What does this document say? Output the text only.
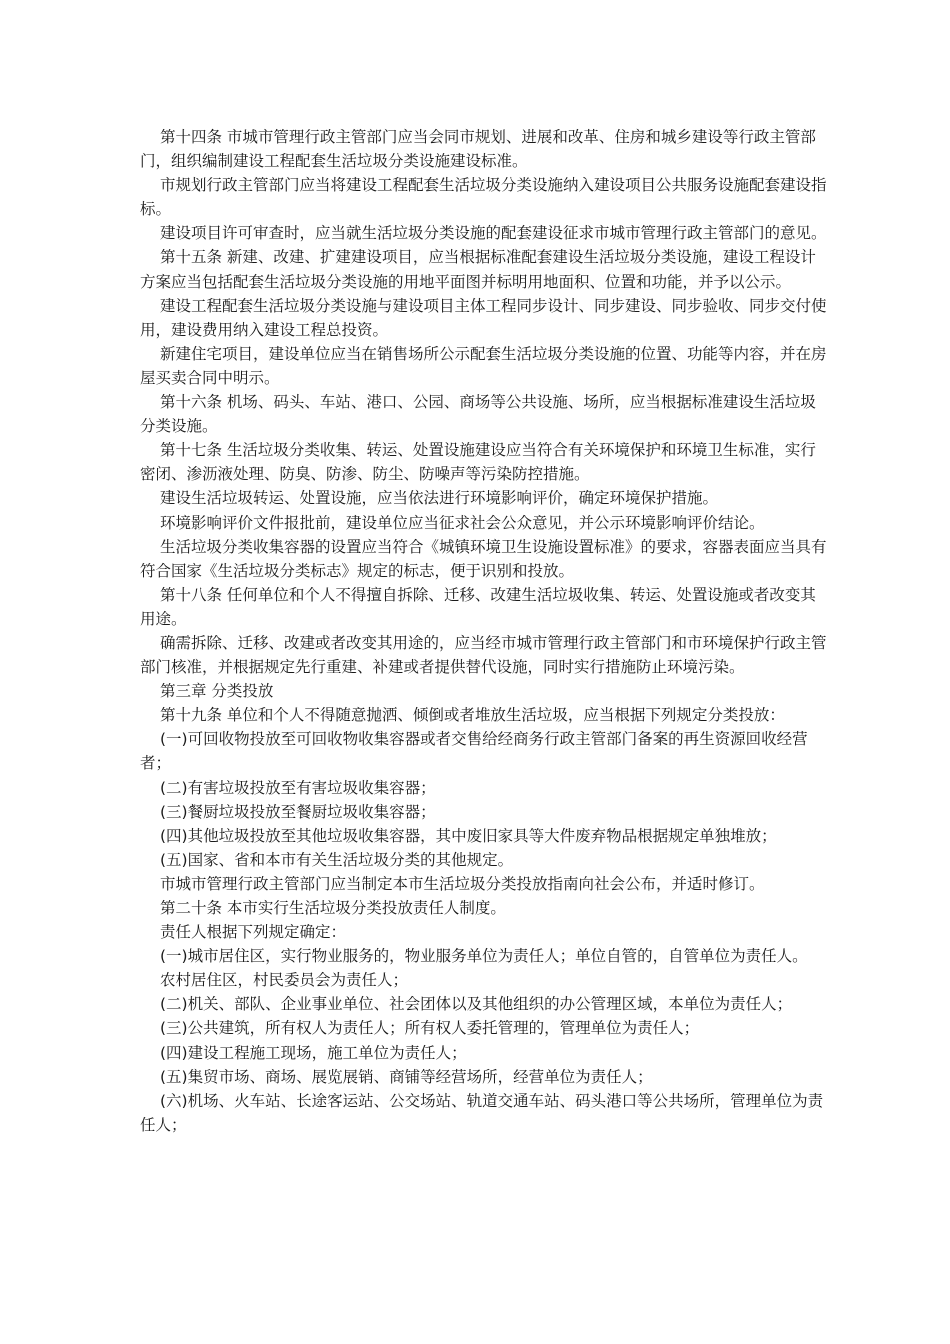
第十四条 市城市管理行政主管部门应当会同市规划、进展和改革、住房和城乡建设等行政主管部门，组织编制建设工程配套生活垃圾分类设施建设标准。

市规划行政主管部门应当将建设工程配套生活垃圾分类设施纳入建设项目公共服务设施配套建设指标。

建设项目许可审查时，应当就生活垃圾分类设施的配套建设征求市城市管理行政主管部门的意见。

第十五条 新建、改建、扩建建设项目，应当根据标准配套建设生活垃圾分类设施，建设工程设计方案应当包括配套生活垃圾分类设施的用地平面图并标明用地面积、位置和功能，并予以公示。

建设工程配套生活垃圾分类设施与建设项目主体工程同步设计、同步建设、同步验收、同步交付使用，建设费用纳入建设工程总投资。

新建住宅项目，建设单位应当在销售场所公示配套生活垃圾分类设施的位置、功能等内容，并在房屋买卖合同中明示。

第十六条 机场、码头、车站、港口、公园、商场等公共设施、场所，应当根据标准建设生活垃圾分类设施。

第十七条 生活垃圾分类收集、转运、处置设施建设应当符合有关环境保护和环境卫生标准，实行密闭、渗沥液处理、防臭、防渗、防尘、防噪声等污染防控措施。

建设生活垃圾转运、处置设施，应当依法进行环境影响评价，确定环境保护措施。

环境影响评价文件报批前，建设单位应当征求社会公众意见，并公示环境影响评价结论。

生活垃圾分类收集容器的设置应当符合《城镇环境卫生设施设置标准》的要求，容器表面应当具有符合国家《生活垃圾分类标志》规定的标志，便于识别和投放。

第十八条 任何单位和个人不得擅自拆除、迁移、改建生活垃圾收集、转运、处置设施或者改变其用途。

确需拆除、迁移、改建或者改变其用途的，应当经市城市管理行政主管部门和市环境保护行政主管部门核准，并根据规定先行重建、补建或者提供替代设施，同时实行措施防止环境污染。

第三章 分类投放

第十九条 单位和个人不得随意抛洒、倾倒或者堆放生活垃圾，应当根据下列规定分类投放：

(一)可回收物投放至可回收物收集容器或者交售给经商务行政主管部门备案的再生资源回收经营者；

(二)有害垃圾投放至有害垃圾收集容器；

(三)餐厨垃圾投放至餐厨垃圾收集容器；

(四)其他垃圾投放至其他垃圾收集容器，其中废旧家具等大件废弃物品根据规定单独堆放；

(五)国家、省和本市有关生活垃圾分类的其他规定。

市城市管理行政主管部门应当制定本市生活垃圾分类投放指南向社会公布，并适时修订。

第二十条 本市实行生活垃圾分类投放责任人制度。

责任人根据下列规定确定：

(一)城市居住区，实行物业服务的，物业服务单位为责任人；单位自管的，自管单位为责任人。

农村居住区，村民委员会为责任人；

(二)机关、部队、企业事业单位、社会团体以及其他组织的办公管理区域，本单位为责任人；

(三)公共建筑，所有权人为责任人；所有权人委托管理的，管理单位为责任人；

(四)建设工程施工现场，施工单位为责任人；

(五)集贸市场、商场、展览展销、商铺等经营场所，经营单位为责任人；

(六)机场、火车站、长途客运站、公交场站、轨道交通车站、码头港口等公共场所，管理单位为责任人；
